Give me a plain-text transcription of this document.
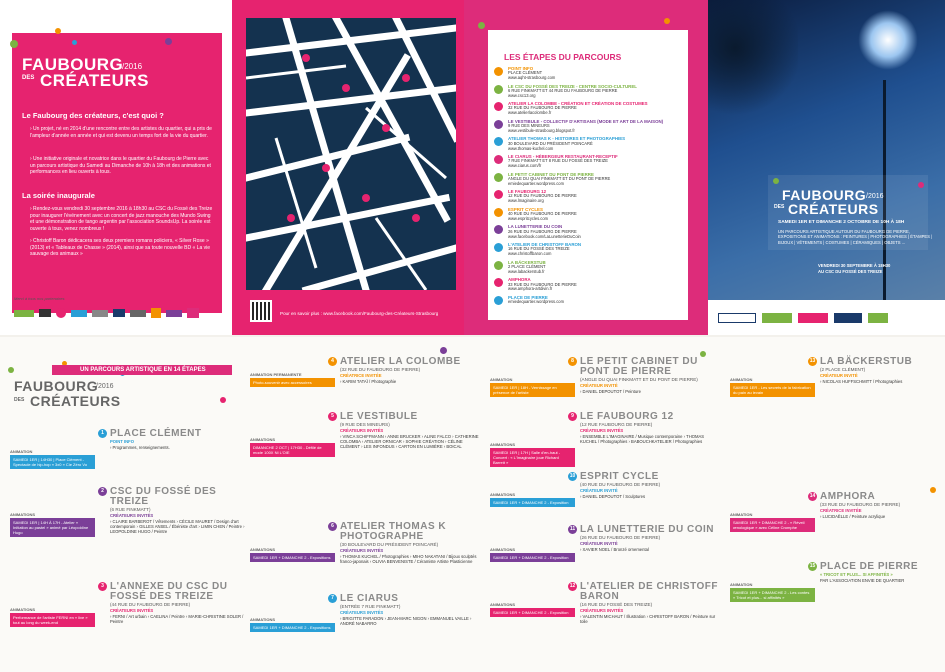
FAUBOURG
/2016
DES CRÉATEURS
Le Faubourg des créateurs, c'est quoi ?
› Un projet, né en 2014 d'une rencontre entre des artistes du quartier, qui a pris de l'ampleur d'année en année et qui est devenu un temps fort de la vie du quartier.
› Une initiative originale et novatrice dans le quartier du Faubourg de Pierre avec un parcours artistique du Samedi au Dimanche de 10h à 18h et des animations et performances en lieu ouverts à tous.
La soirée inaugurale
› Rendez-vous vendredi 30 septembre 2016 à 18h30 au CSC du Fossé des Treize pour inaugurer l'événement avec un concert de jazz manouche des Mundo Swing et une démonstration de tango argentin par l'association SoundsUp. La soirée est ouverte à tous, venez nombreux !
› Christoff Baron dédicacera ses deux premiers romans policiers, « Silver Rose » (2013) et « Tableaux de Chasse » (2014), ainsi que sa toute nouvelle BD « La vie sauvage des animaux »
Merci à tous nos partenaires
Pour en savoir plus : www.facebook.com/Faubourg-des-Créateurs-Strasbourg
LES ÉTAPES DU PARCOURS
POINT INFO
PLACE CLÉMENT
www.aqht-strasbourg.com
LE CSC DU FOSSÉ DES TREIZE - CENTRE SOCIO-CULTUREL
6 RUE FINKMATT ET 44 RUE DU FAUBOURG DE PIERRE
www.csc13.org
ATELIER LA COLOMBE - CRÉATION ET CRÉATION DE COSTUMES
32 RUE DU FAUBOURG DE PIERRE
www.atelierlacolombe.fr
LE VESTIBULE - COLLECTIF D'ARTISANS (MODE ET ART DE LA MAISON)
9 RUE DES MINEURS
www.vestibule-strasbourg.blogspot.fr
ATELIER THOMAS K - HISTOIRES ET PHOTOGRAPHIES
30 BOULEVARD DU PRÉSIDENT POINCARÉ
www.thomas-kuchel.com
LE CIARUS - HÉBERGEUR RESTAURANT-RECEPTIF
7 RUE FINKMATT ET 8 RUE DU FOSSÉ DES TREIZE
www.ciarus.com/fr
LE PETIT CABINET DU PONT DE PIERRE
ANGLE DU QUAI FINKMATT ET DU PONT DE PIERRE
emiedequartier.wordpress.com
LE FAUBOURG 12
12 RUE DU FAUBOURG DE PIERRE
www.lmaginaire.org
ESPRIT CYCLES
40 RUE DU FAUBOURG DE PIERRE
www.espritcycles.com
LA LUNETTERIE DU COIN
26 RUE DU FAUBOURG DE PIERRE
www.facebook.com/LaLunetterieDuCoin
L'ATELIER DE CHRISTOFF BARON
16 RUE DU FOSSÉ DES TREIZE
www.christoffbaron.com
LA BÄCKERSTUB
2 PLACE CLÉMENT
www.labackerstub.fr
AMPHORA
33 RUE DU FAUBOURG DE PIERRE
www.amphora-artdivin.fr
PLACE DE PIERRE
emiedequartier.wordpress.com
FAUBOURG /2016
DES CRÉATEURS
SAMEDI 1ER ET DIMANCHE 2 OCTOBRE DE 10H À 18H
UN PARCOURS ARTISTIQUE AUTOUR DU FAUBOURG DE PIERRE, EXPOSITIONS ET ANIMATIONS : PEINTURES | PHOTOGRAPHIES | ÉTAMPES | BIJOUX | VÊTEMENTS | COSTUMES | CÉRAMIQUES | OBJETS ...
VENDREDI 30 SEPTEMBRE À 18H30
AU CSC DU FOSSÉ DES TREIZE
UN PARCOURS ARTISTIQUE EN 14 ÉTAPES
FAUBOURG
/2016
DES CRÉATEURS
1 PLACE CLÉMENT
POINT INFO
› Programmes, renseignements.
ANIMATION
SAMEDI 1ER | 14H30 | Place Clément - Spectacle de hip-hop « 3x0 » Cie Zéro Vo
2 CSC DU FOSSÉ DES TREIZE
(6 RUE FINKMATT)
CRÉATEURS INVITÉS
› CLAIRE BARBEROT / Vêtements › CÉCILE MAURET / Design d'art contemporain › GILLES ANSEL / Ébéniste d'art › LIMIN CHEN / Peintre › LEOPOLDINE HUGO / Peintre
ANIMATIONS
SAMEDI 1ER | 14H À 17H - Atelier « Initiation au pastel » animé par Léopoldine Hugo
3 L'ANNEXE DU CSC DU FOSSÉ DES TREIZE
(44 RUE DU FAUBOURG DE PIERRE)
CRÉATEURS INVITÉS
› FERNI / Art urbain › CAELINA / Peintre › MARIE-CHRISTINE SOLER / Peintre
ANIMATIONS
Performance de l'artiste FERNI en « live » tout au long du week-end
4 ATELIER LA COLOMBE
(32 RUE DU FAUBOURG DE PIERRE)
CRÉATRICE INVITÉE
› KARIM TATAÏ / Photographie
ANIMATION PERMANENTE
Photo-souvenir avec accessoires
5 LE VESTIBULE
(9 RUE DES MINEURS)
CRÉATEURS INVITÉS
› VINCA SCHIFFMANN › ANNE BRUCKER › ALINE FALCO › CATHERINE COLOMBA › ATELIER ORNICAR › SOPHIE CRÉATION › CÉLINE CLÉMENT › LES INFONDUS › CARTON EN LUMIÈRE › BOICAL
ANIMATIONS
DIMANCHE 2 OCT | 17H30 - Défilé de mode 100X NI L'OIE
6 ATELIER THOMAS K PHOTOGRAPHE
(30 BOULEVARD DU PRÉSIDENT POINCARÉ)
CRÉATEURS INVITÉS
› THOMAS KUCHEL / Photographies › MIHO NAKATANI / Bijoux sculptés franco-japonais › OLIVIA BENVENISTE / Céramiste Artiste Plasticienne
ANIMATIONS
SAMEDI 1ER + DIMANCHE 2 - Expositions
7 LE CIARUS
(ENTRÉE 7 RUE FINKMATT)
CRÉATEURS INVITÉS
› BRIGITTE PARADON › JEAN-MARC NIGON › EMMANUEL VAILLE › ANDRÉ NABARRO
ANIMATIONS
SAMEDI 1ER + DIMANCHE 2 - Expositions
8 LE PETIT CABINET DU PONT DE PIERRE
(ANGLE DU QUAI FINKMATT ET DU PONT DE PIERRE)
CRÉATEUR INVITÉ
› DANIEL DEPOUTOT / Peinture
ANIMATION
SAMEDI 1ER | 18H - Vernissage en présence de l'artiste
9 LE FAUBOURG 12
(12 RUE FAUBOURG DE PIERRE)
CRÉATEURS INVITÉS
› ENSEMBLE L'IMAGINAIRE / Musique contemporaine › THOMAS KUCHEL / Photographies › BABOUCHKATELIER / Photographies
ANIMATIONS
SAMEDI 1ER | 17H | Salle d'en-haut - Concert : « L'Imaginaire joue Richard Barrett »
10 ESPRIT CYCLE
(40 RUE DU FAUBOURG DE PIERRE)
CRÉATEUR INVITÉ
› DANIEL DEPOUTOT / Sculptures
ANIMATIONS
SAMEDI 1ER + DIMANCHE 2 - Exposition
11 LA LUNETTERIE DU COIN
(26 RUE DU FAUBOURG DE PIERRE)
CRÉATEUR INVITÉ
› XAVIER NOEL / Bronzé ornemental
ANIMATIONS
SAMEDI 1ER + DIMANCHE 2 - Exposition
12 L'ATELIER DE CHRISTOFF BARON
(16 RUE DU FOSSÉ DES TREIZE)
CRÉATEURS INVITÉS
› VALENTIN MICHAUT / Illustration › CHRISTOFF BARON / Peinture sur toile
ANIMATIONS
SAMEDI 1ER + DIMANCHE 2 - Exposition
13 LA BÄCKERSTUB
(2 PLACE CLÉMENT)
CRÉATEUR INVITÉ
› NICOLAS HUFFSCHMITT / Photographies
ANIMATION
SAMEDI 1ER - Les secrets de la fabrication du pain au levain
14 AMPHORA
(33 RUE DU FAUBOURG DE PIERRE)
CRÉATRICE INVITÉE
› LUCIDAËLLE / Peinture acrylique
ANIMATION
SAMEDI 1ER + DIMANCHE 2 - « Réveil œnologique » avec Céline Cromphe
15 PLACE DE PIERRE
« TRICOT ET PLUS... SI AFFINITÉS »
PAR L'ASSOCIATION ENVIE DE QUARTIER
ANIMATION
SAMEDI 1ER + DIMANCHE 2 - Les contes « Tricot et plus... si affinités »
